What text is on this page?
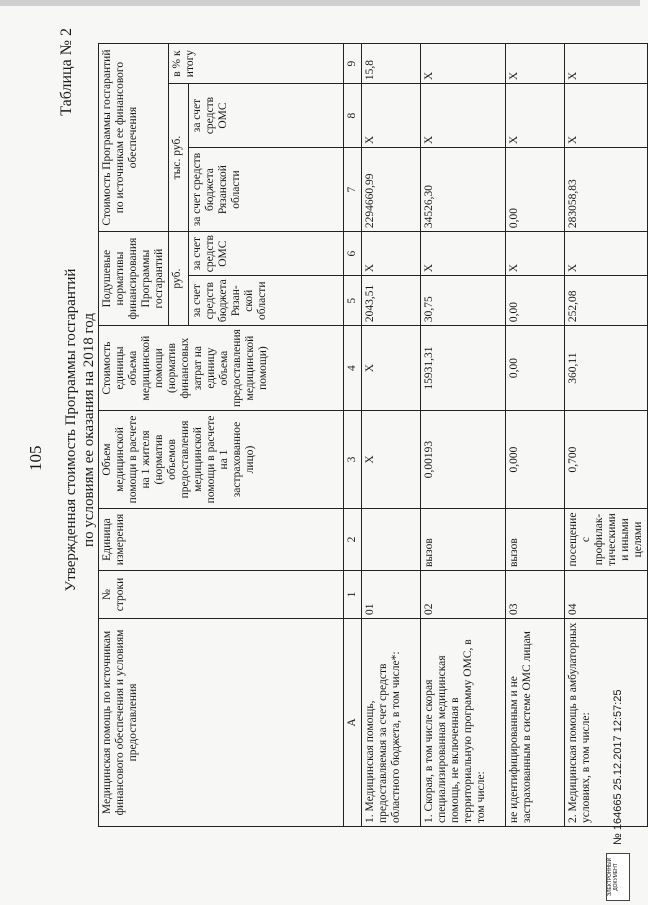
105
Таблица № 2
Утвержденная стоимость Программы госгарантий по условиям ее оказания на 2018 год
Медицинская помощь по источникам финансового обеспечения и условиям предоставления	№ строки	Единица измерения	Объем медицинской помощи в расчете на 1 жителя (норматив объемов предоставления медицинской помощи в расчете на 1 застрахованное лицо)	Стоимость единицы объема медицинской помощи (норматив финансовых затрат на единицу объема предоставления медицинской помощи)	Подушевые нормативы финансирования Программы госгарантий		Стоимость Программы госгарантий по источникам ее финансового обеспечения		
					руб.		тыс. руб.		в % к итогу
					за счет средств бюджета Рязан-ской области	за счет средств ОМС	за счет средств бюджета Рязанской области	за счет средств ОМС	
А	1	2	3	4	5	6	7	8	9
1. Медицинская помощь, предоставляемая за счет средств областного бюджета, в том числе*:	01		X	X	2043,51	X	2294660,99	X	15,8
1. Скорая, в том числе скорая специализированная медицинская помощь, не включенная в территориальную программу ОМС, в том числе:	02	вызов	0,00193	15931,31	30,75	X	34526,30	X	X
не идентифицированным и не застрахованным в системе ОМС лицам	03	вызов	0,000	0,00	0,00	X	0,00	X	X
2. Медицинская помощь в амбулаторных условиях, в том числе:	04	посещение с профилак-тическими и иными целями	0,700	360,11	252,08	X	283058,83	X	X
ЭЛЕКТРОННЫЙ ДОКУМЕНТ
№ 164665 25.12.2017 12:57:25
